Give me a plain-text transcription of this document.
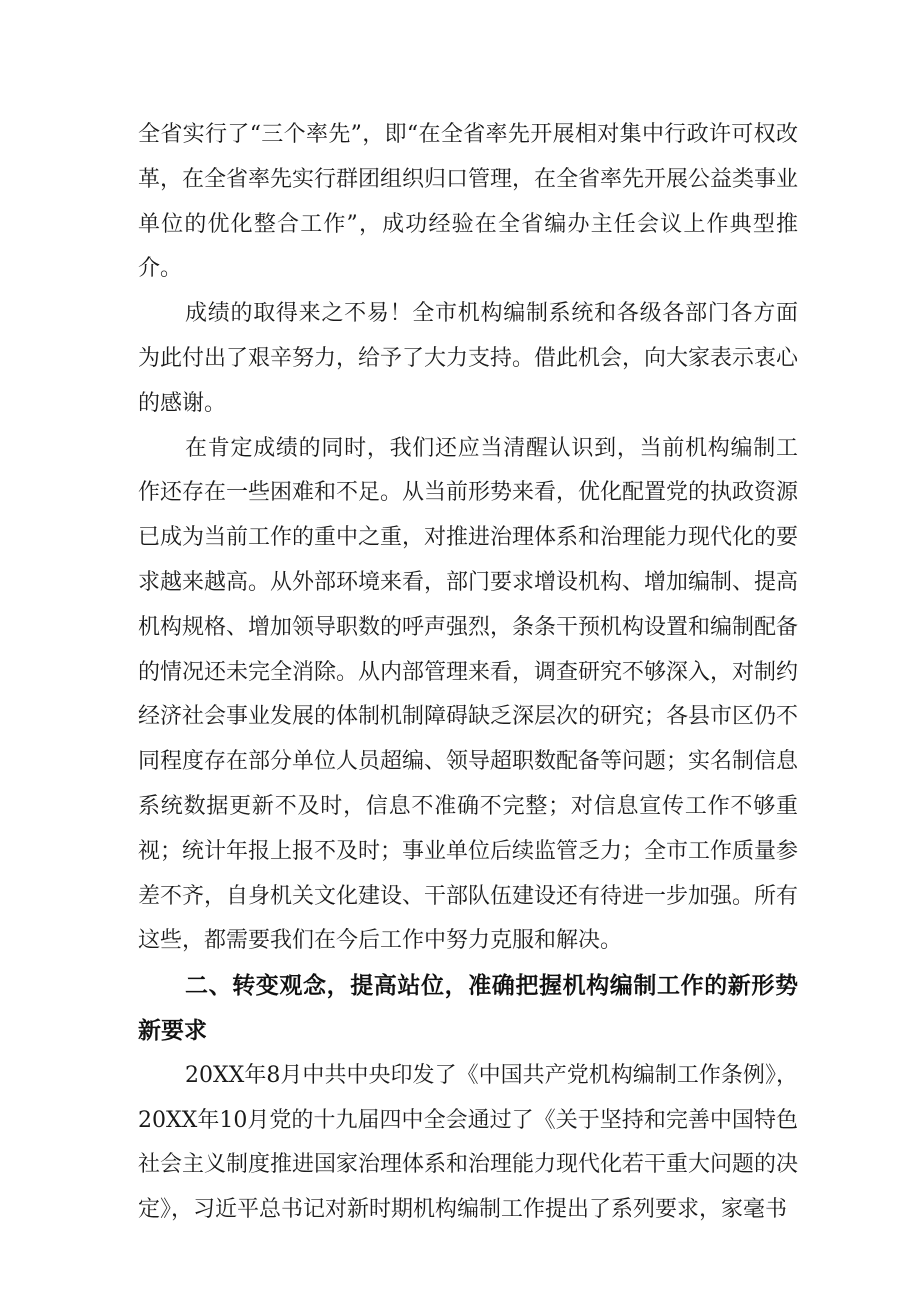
全省实行了“三个率先”，即“在全省率先开展相对集中行政许可权改革，在全省率先实行群团组织归口管理，在全省率先开展公益类事业单位的优化整合工作”，成功经验在全省编办主任会议上作典型推介。

成绩的取得来之不易！全市机构编制系统和各级各部门各方面为此付出了艰辛努力，给予了大力支持。借此机会，向大家表示衷心的感谢。

在肯定成绩的同时，我们还应当清醒认识到，当前机构编制工作还存在一些困难和不足。从当前形势来看，优化配置党的执政资源已成为当前工作的重中之重，对推进治理体系和治理能力现代化的要求越来越高。从外部环境来看，部门要求增设机构、增加编制、提高机构规格、增加领导职数的呼声强烈，条条干预机构设置和编制配备的情况还未完全消除。从内部管理来看，调查研究不够深入，对制约经济社会事业发展的体制机制障碍缺乏深层次的研究；各县市区仍不同程度存在部分单位人员超编、领导超职数配备等问题；实名制信息系统数据更新不及时，信息不准确不完整；对信息宣传工作不够重视；统计年报上报不及时；事业单位后续监管乏力；全市工作质量参差不齐，自身机关文化建设、干部队伍建设还有待进一步加强。所有这些，都需要我们在今后工作中努力克服和解决。

二、转变观念，提高站位，准确把握机构编制工作的新形势新要求

20XX年8月中共中央印发了《中国共产党机构编制工作条例》，20XX年10月党的十九届四中全会通过了《关于坚持和完善中国特色社会主义制度推进国家治理体系和治理能力现代化若干重大问题的决定》，习近平总书记对新时期机构编制工作提出了系列要求，家毫书
